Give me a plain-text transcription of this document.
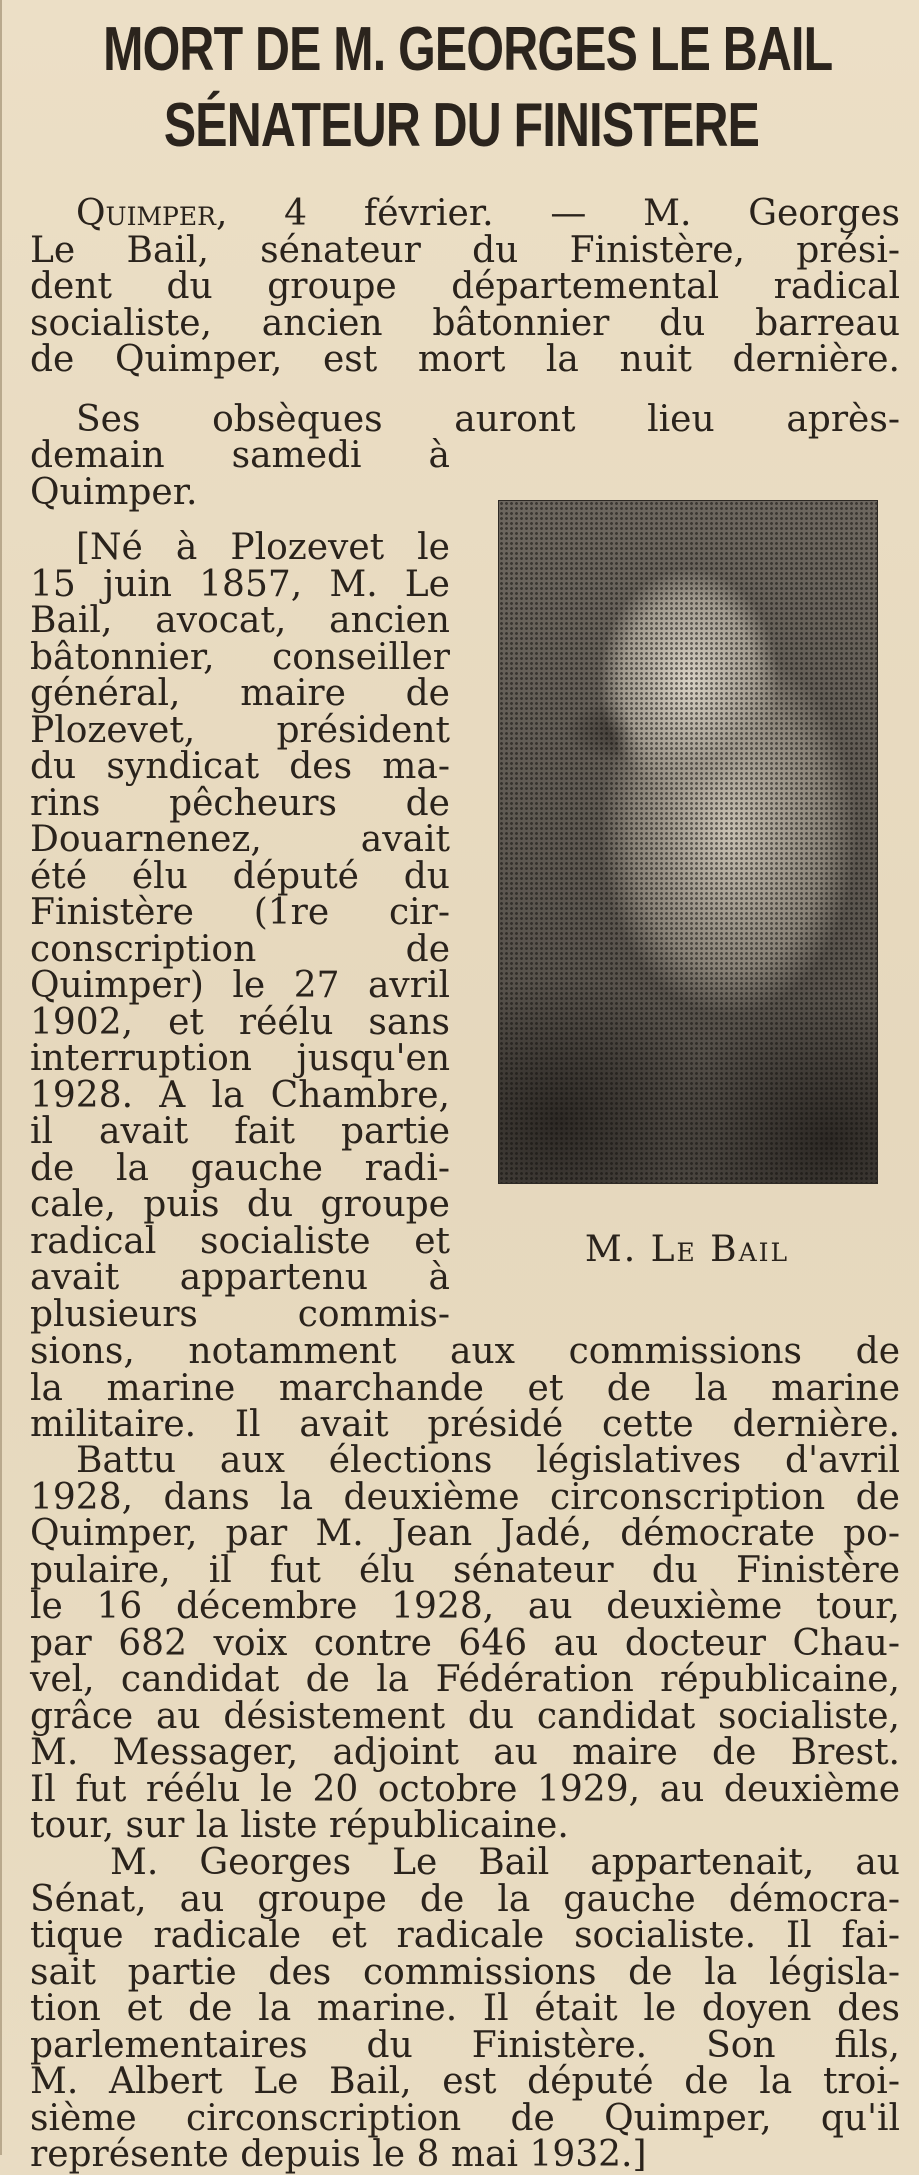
MORT DE M. GEORGES LE BAIL
SÉNATEUR DU FINISTERE
Quimper, 4 février. — M. Georges
Le Bail, sénateur du Finistère, prési-
dent du groupe départemental radical
socialiste, ancien bâtonnier du barreau
de Quimper, est mort la nuit dernière.
Ses obsèques auront lieu après-
demain samedi à
Quimper.
M. Le Bail
[Né à Plozevet le
15 juin 1857, M. Le
Bail, avocat, ancien
bâtonnier, conseiller
général, maire de
Plozevet, président
du syndicat des ma-
rins pêcheurs de
Douarnenez, avait
été élu député du
Finistère (1re cir-
conscription de
Quimper) le 27 avril
1902, et réélu sans
interruption jusqu'en
1928. A la Chambre,
il avait fait partie
de la gauche radi-
cale, puis du groupe
radical socialiste et
avait appartenu à
plusieurs commis-
sions, notamment aux commissions de
la marine marchande et de la marine
militaire. Il avait présidé cette dernière.
Battu aux élections législatives d'avril
1928, dans la deuxième circonscription de
Quimper, par M. Jean Jadé, démocrate po-
pulaire, il fut élu sénateur du Finistère
le 16 décembre 1928, au deuxième tour,
par 682 voix contre 646 au docteur Chau-
vel, candidat de la Fédération républicaine,
grâce au désistement du candidat socialiste,
M. Messager, adjoint au maire de Brest.
Il fut réélu le 20 octobre 1929, au deuxième
tour, sur la liste républicaine.
M. Georges Le Bail appartenait, au
Sénat, au groupe de la gauche démocra-
tique radicale et radicale socialiste. Il fai-
sait partie des commissions de la législa-
tion et de la marine. Il était le doyen des
parlementaires du Finistère. Son fils,
M. Albert Le Bail, est député de la troi-
sième circonscription de Quimper, qu'il
représente depuis le 8 mai 1932.]
